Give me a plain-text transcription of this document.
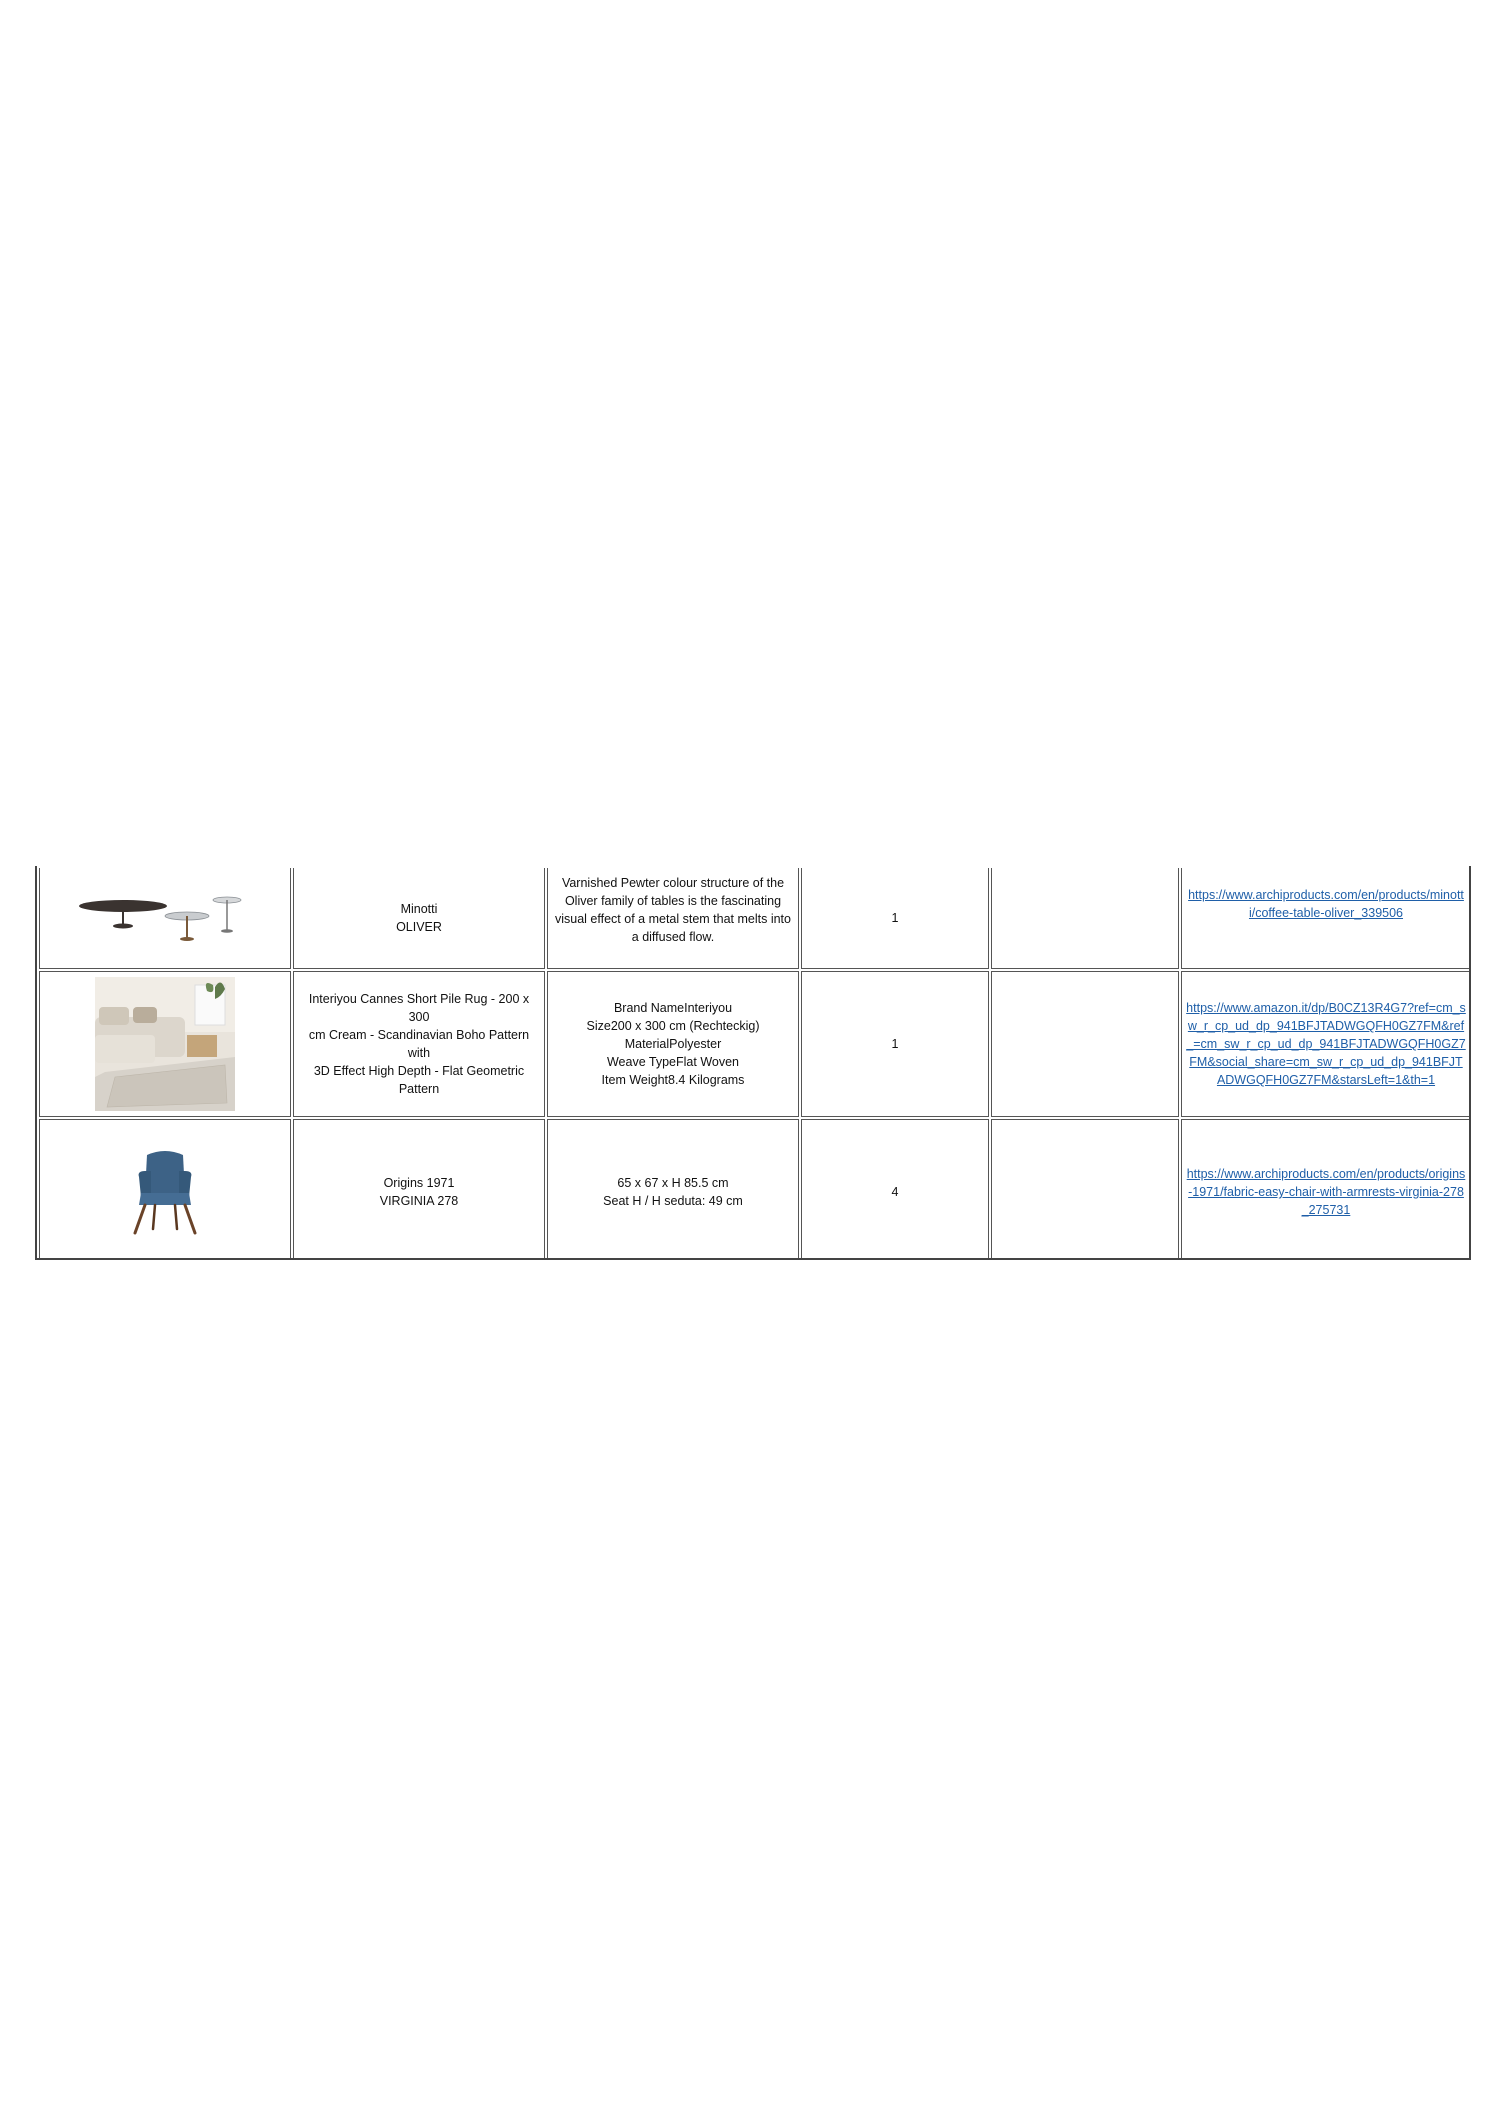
Minotti
OLIVER	Varnished Pewter colour structure of the
Oliver family of tables is the fascinating
visual effect of a metal stem that melts into
a diffused flow.	1		https://www.archiproducts.com/en/products/minotti/coffee-table-oliver_339506

Interiyou Cannes Short Pile Rug - 200 x 300
cm Cream - Scandinavian Boho Pattern with
3D Effect High Depth - Flat Geometric
Pattern	Brand NameInteriyou
Size200 x 300 cm (Rechteckig)
MaterialPolyester
Weave TypeFlat Woven
Item Weight8.4 Kilograms	1		https://www.amazon.it/dp/B0CZ13R4G7?ref=cm_sw_r_cp_ud_dp_941BFJTADWGQFH0GZ7FM&ref_=cm_sw_r_cp_ud_dp_941BFJTADWGQFH0GZ7FM&social_share=cm_sw_r_cp_ud_dp_941BFJTADWGQFH0GZ7FM&starsLeft=1&th=1

Origins 1971
VIRGINIA 278	65 x 67 x H 85.5 cm
Seat H / H seduta: 49 cm	4		https://www.archiproducts.com/en/products/origins-1971/fabric-easy-chair-with-armrests-virginia-278_275731
